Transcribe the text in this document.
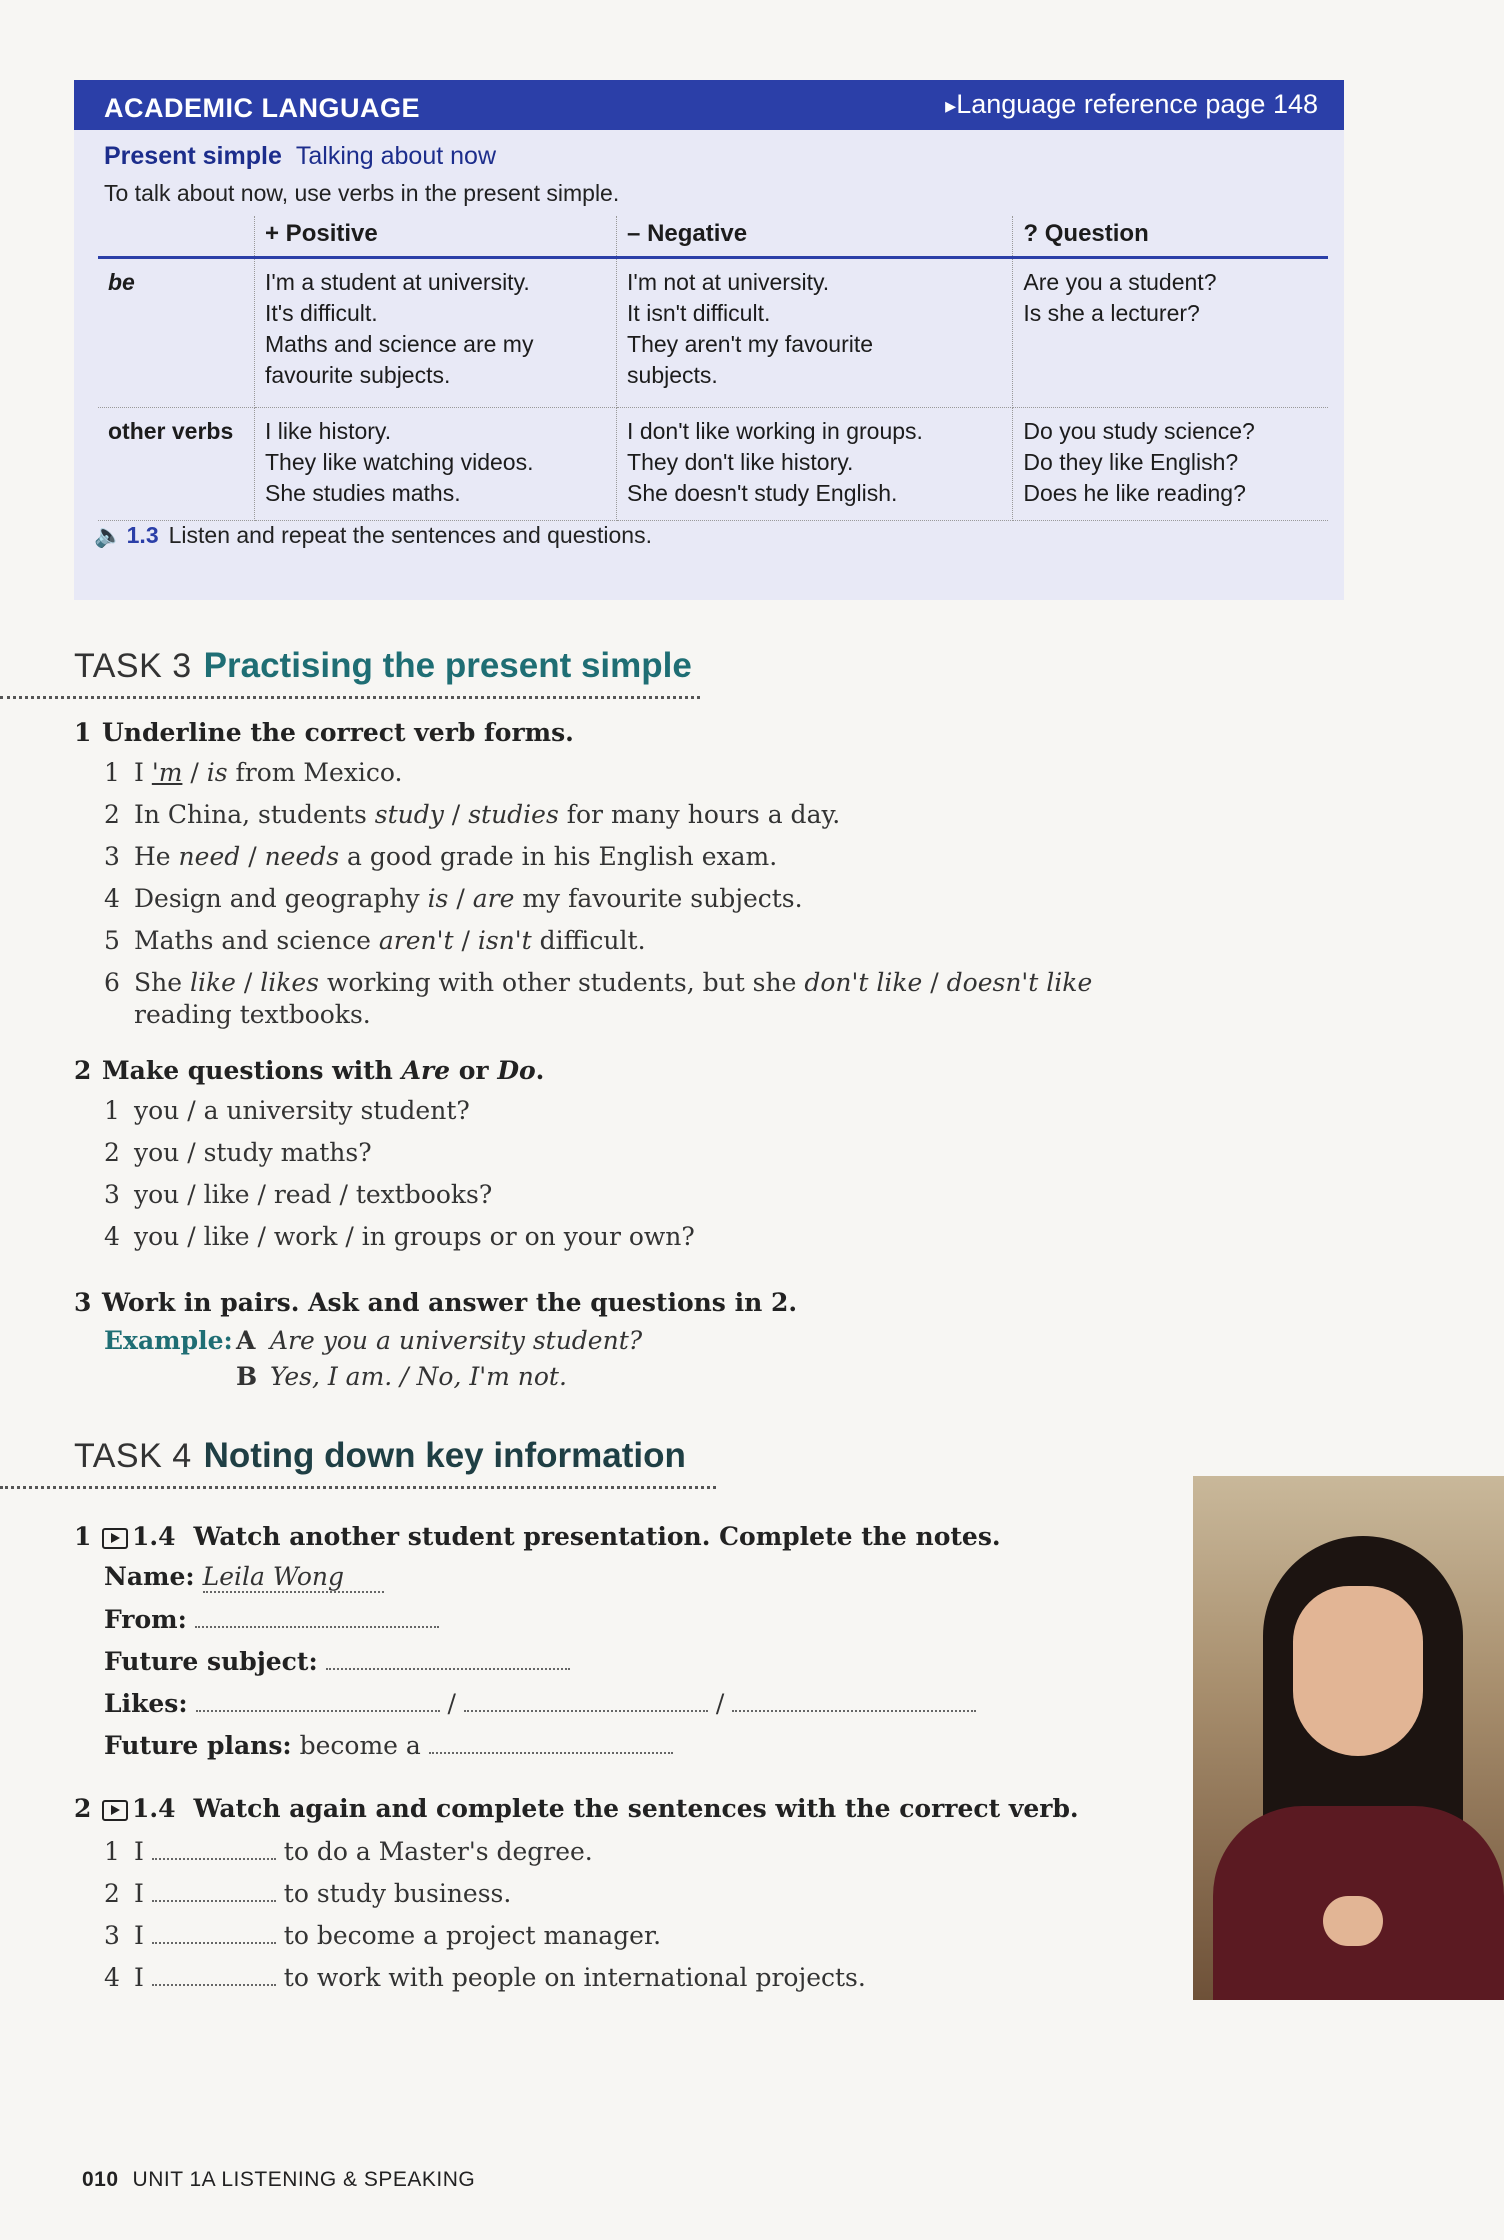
ACADEMIC LANGUAGE	▸ Language reference page 148
Present simple Talking about now
To talk about now, use verbs in the present simple.
	+ Positive	– Negative	? Question
be	I'm a student at university.
It's difficult.
Maths and science are my
favourite subjects.	I'm not at university.
It isn't difficult.
They aren't my favourite
subjects.	Are you a student?
Is she a lecturer?

other verbs	I like history.
They like watching videos.
She studies maths.	I don't like working in groups.
They don't like history.
She doesn't study English.	Do you study science?
Do they like English?
Does he like reading?
🔈 1.3 Listen and repeat the sentences and questions.
TASK 3 Practising the present simple
1 Underline the correct verb forms.
1 I 'm / is from Mexico.
2 In China, students study / studies for many hours a day.
3 He need / needs a good grade in his English exam.
4 Design and geography is / are my favourite subjects.
5 Maths and science aren't / isn't difficult.
6 She like / likes working with other students, but she don't like / doesn't like
reading textbooks.
2 Make questions with Are or Do.
1 you / a university student?
2 you / study maths?
3 you / like / read / textbooks?
4 you / like / work / in groups or on your own?
3 Work in pairs. Ask and answer the questions in 2.
Example: A Are you a university student?
B Yes, I am. / No, I'm not.
TASK 4 Noting down key information
1 1.4 Watch another student presentation. Complete the notes.
Name: Leila Wong
From:
Future subject:
Likes:	/	/
Future plans: become a
2 1.4 Watch again and complete the sentences with the correct verb.
1 I	to do a Master's degree.
2 I	to study business.
3 I	to become a project manager.
4 I	to work with people on international projects.
010 UNIT 1A LISTENING & SPEAKING
